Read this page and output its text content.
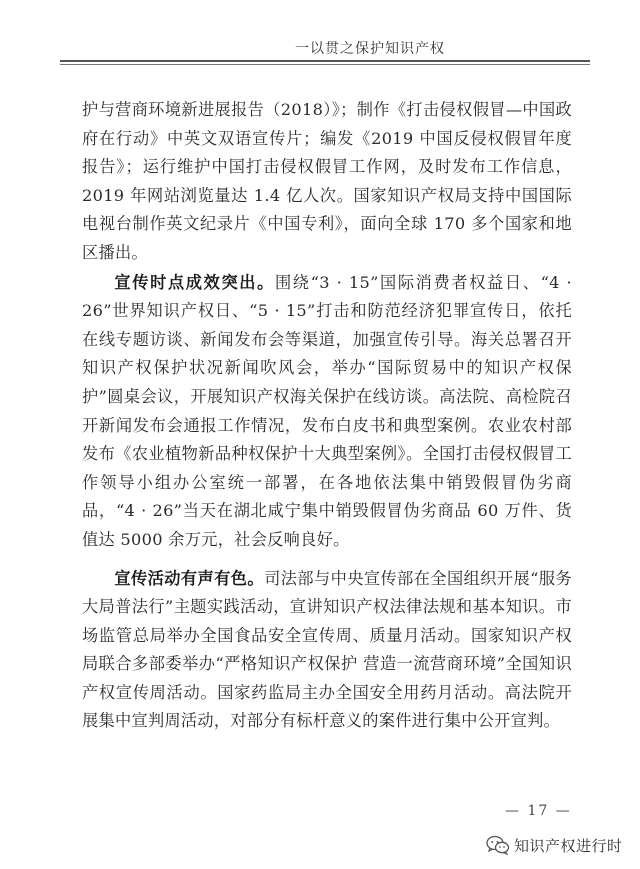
一以贯之保护知识产权

护与营商环境新进展报告（2018）》；制作《打击侵权假冒—中国政府在行动》中英文双语宣传片；编发《2019 中国反侵权假冒年度报告》；运行维护中国打击侵权假冒工作网，及时发布工作信息，2019 年网站浏览量达 1.4 亿人次。国家知识产权局支持中国国际电视台制作英文纪录片《中国专利》，面向全球 170 多个国家和地区播出。

宣传时点成效突出。围绕“3 · 15”国际消费者权益日、“4 · 26”世界知识产权日、“5 · 15”打击和防范经济犯罪宣传日，依托在线专题访谈、新闻发布会等渠道，加强宣传引导。海关总署召开知识产权保护状况新闻吹风会，举办“国际贸易中的知识产权保护”圆桌会议，开展知识产权海关保护在线访谈。高法院、高检院召开新闻发布会通报工作情况，发布白皮书和典型案例。农业农村部发布《农业植物新品种权保护十大典型案例》。全国打击侵权假冒工作领导小组办公室统一部署，在各地依法集中销毁假冒伪劣商品，“4 · 26”当天在湖北咸宁集中销毁假冒伪劣商品 60 万件、货值达 5000 余万元，社会反响良好。

宣传活动有声有色。司法部与中央宣传部在全国组织开展“服务大局普法行”主题实践活动，宣讲知识产权法律法规和基本知识。市场监管总局举办全国食品安全宣传周、质量月活动。国家知识产权局联合多部委举办“严格知识产权保护 营造一流营商环境”全国知识产权宣传周活动。国家药监局主办全国安全用药月活动。高法院开展集中宣判周活动，对部分有标杆意义的案件进行集中公开宣判。

— 17 —
知识产权进行时
